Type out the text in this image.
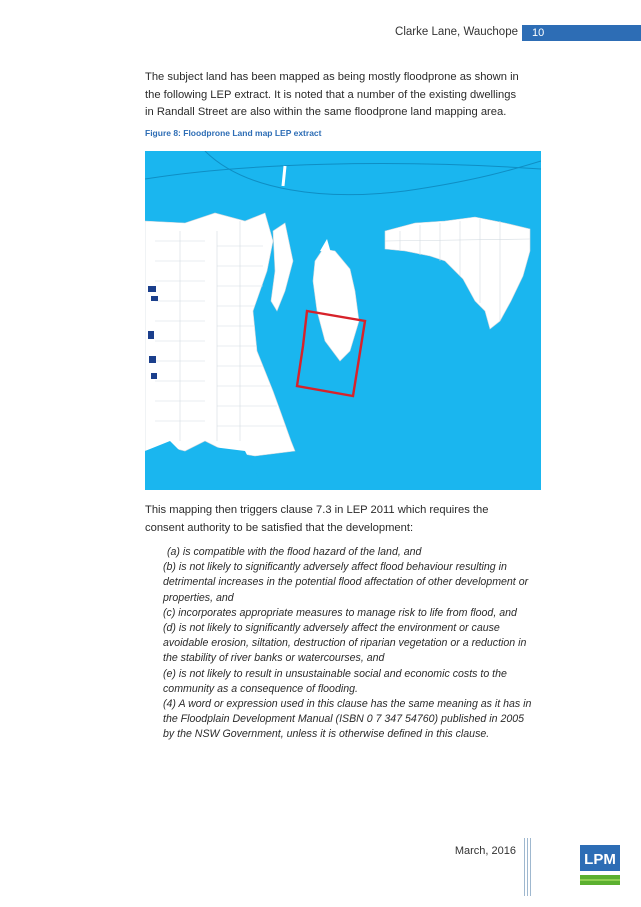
Clarke Lane, Wauchope	10

The subject land has been mapped as being mostly floodprone as shown in the following LEP extract. It is noted that a number of the existing dwellings in Randall Street are also within the same floodprone land mapping area.

Figure 8: Floodprone Land map LEP extract

This mapping then triggers clause 7.3 in LEP 2011 which requires the consent authority to be satisfied that the development:

(a) is compatible with the flood hazard of the land, and
(b) is not likely to significantly adversely affect flood behaviour resulting in detrimental increases in the potential flood affectation of other development or properties, and
(c) incorporates appropriate measures to manage risk to life from flood, and
(d) is not likely to significantly adversely affect the environment or cause avoidable erosion, siltation, destruction of riparian vegetation or a reduction in the stability of river banks or watercourses, and
(e) is not likely to result in unsustainable social and economic costs to the community as a consequence of flooding.
(4) A word or expression used in this clause has the same meaning as it has in the Floodplain Development Manual (ISBN 0 7 347 54760) published in 2005 by the NSW Government, unless it is otherwise defined in this clause.
March, 2016	LPM
